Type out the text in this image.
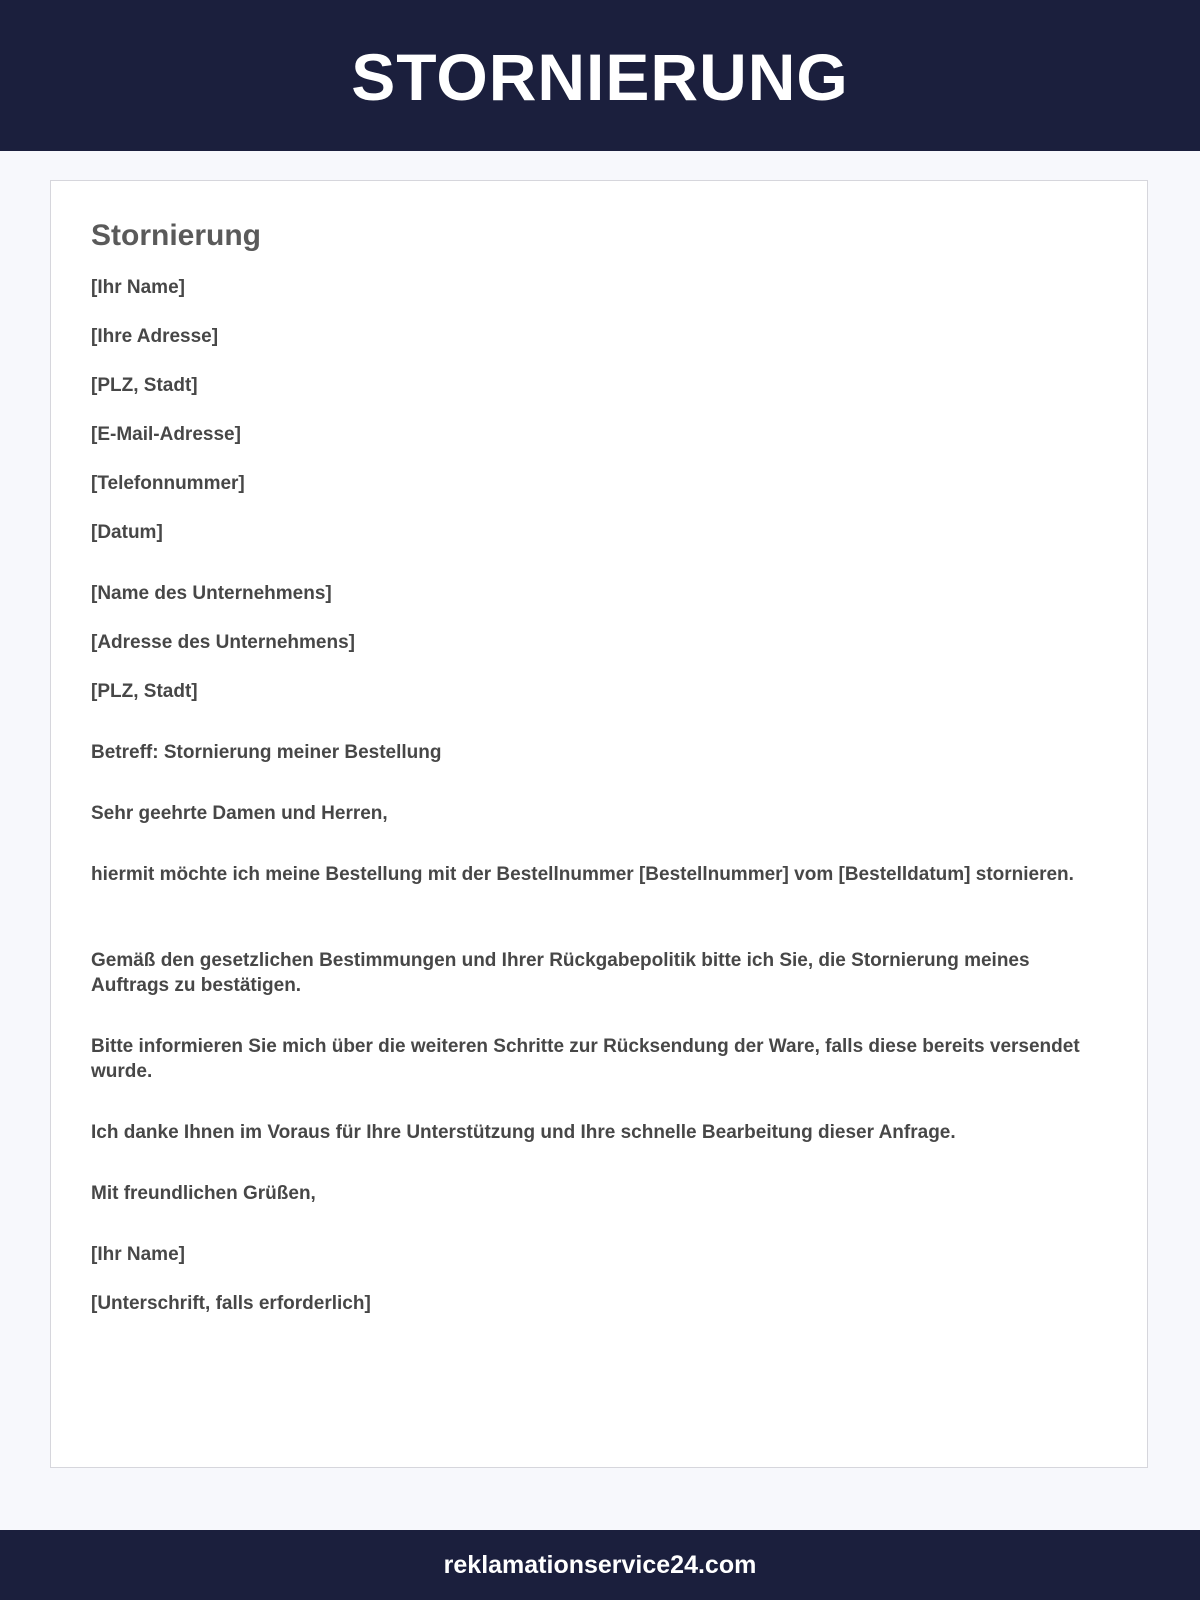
STORNIERUNG
Stornierung

[Ihr Name]

[Ihre Adresse]

[PLZ, Stadt]

[E-Mail-Adresse]

[Telefonnummer]

[Datum]

[Name des Unternehmens]

[Adresse des Unternehmens]

[PLZ, Stadt]

Betreff: Stornierung meiner Bestellung

Sehr geehrte Damen und Herren,

hiermit möchte ich meine Bestellung mit der Bestellnummer [Bestellnummer] vom [Bestelldatum] stornieren.

Gemäß den gesetzlichen Bestimmungen und Ihrer Rückgabepolitik bitte ich Sie, die Stornierung meines Auftrags zu bestätigen.

Bitte informieren Sie mich über die weiteren Schritte zur Rücksendung der Ware, falls diese bereits versendet wurde.

Ich danke Ihnen im Voraus für Ihre Unterstützung und Ihre schnelle Bearbeitung dieser Anfrage.

Mit freundlichen Grüßen,

[Ihr Name]

[Unterschrift, falls erforderlich]

reklamationservice24.com
